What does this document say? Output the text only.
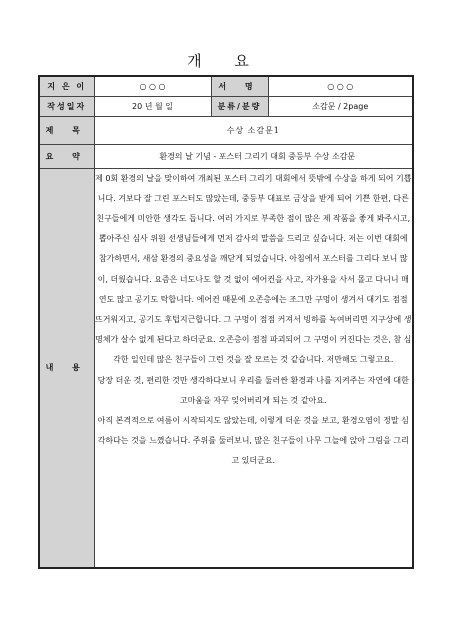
개 요
지 은 이	○ ○ ○	서 명	○ ○ ○
작성일자	20 년 월 일	분류/분량	소감문 / 2page
제 목	수상 소감문1		
요 약	환경의 날 기념 - 포스터 그리기 대회 중등부 수상 소감문		
내 용	제 0회 환경의 날을 맞이하여 개최된 포스터 그리기 대회에서 뜻밖에 수상을 하게 되어 기쁩니다. 겨보다 잘 그린 포스터도 많았는데, 중등부 대표로 금상을 받게 되어 기쁜 한편, 다른 친구들에게 미안한 생각도 듭니다. 여러 가지로 부족한 점이 많은 제 작품을 좋게 봐주시고, 뽑아주신 심사 위원 선생님들에게 먼저 감사의 말씀을 드리고 싶습니다. 저는 이번 대회에 참가하면서, 새삼 환경의 중요성을 깨닫게 되었습니다. 아침에서 포스터를 그리다 보니 많이, 더웠습니다. 요즘은 너도나도 할 것 없이 에어컨을 사고, 자가용을 사서 몰고 다니니 매연도 많고 공기도 탁합니다. 에어컨 때문에 오존층에는 조그만 구멍이 생겨서 대기도 점점 뜨거워지고, 공기도 후텁지근합니다. 그 구멍이 점점 커져서 빙하를 녹여버리면 지구상에 생명체가 살수 없게 된다고 하더군요. 오존층이 점점 파괴되어 그 구멍이 커진다는 것은, 참 심각한 일인데 많은 친구들이 그런 것을 잘 모르는 것 같습니다. 저만해도 그렇고요.

당장 더운 것, 편리한 것만 생각하다보니 우리를 둘러싼 환경과 나를 지켜주는 자연에 대한 고마움을 자꾸 잊어버리게 되는 것 같아요.

아직 본격적으로 여름이 시작되지도 않았는데, 이렇게 더운 것을 보고, 환경오염이 정말 심각하다는 것을 느꼈습니다. 주위를 둘러보니, 많은 친구들이 나무 그늘에 앉아 그림을 그리고 있더군요.		
